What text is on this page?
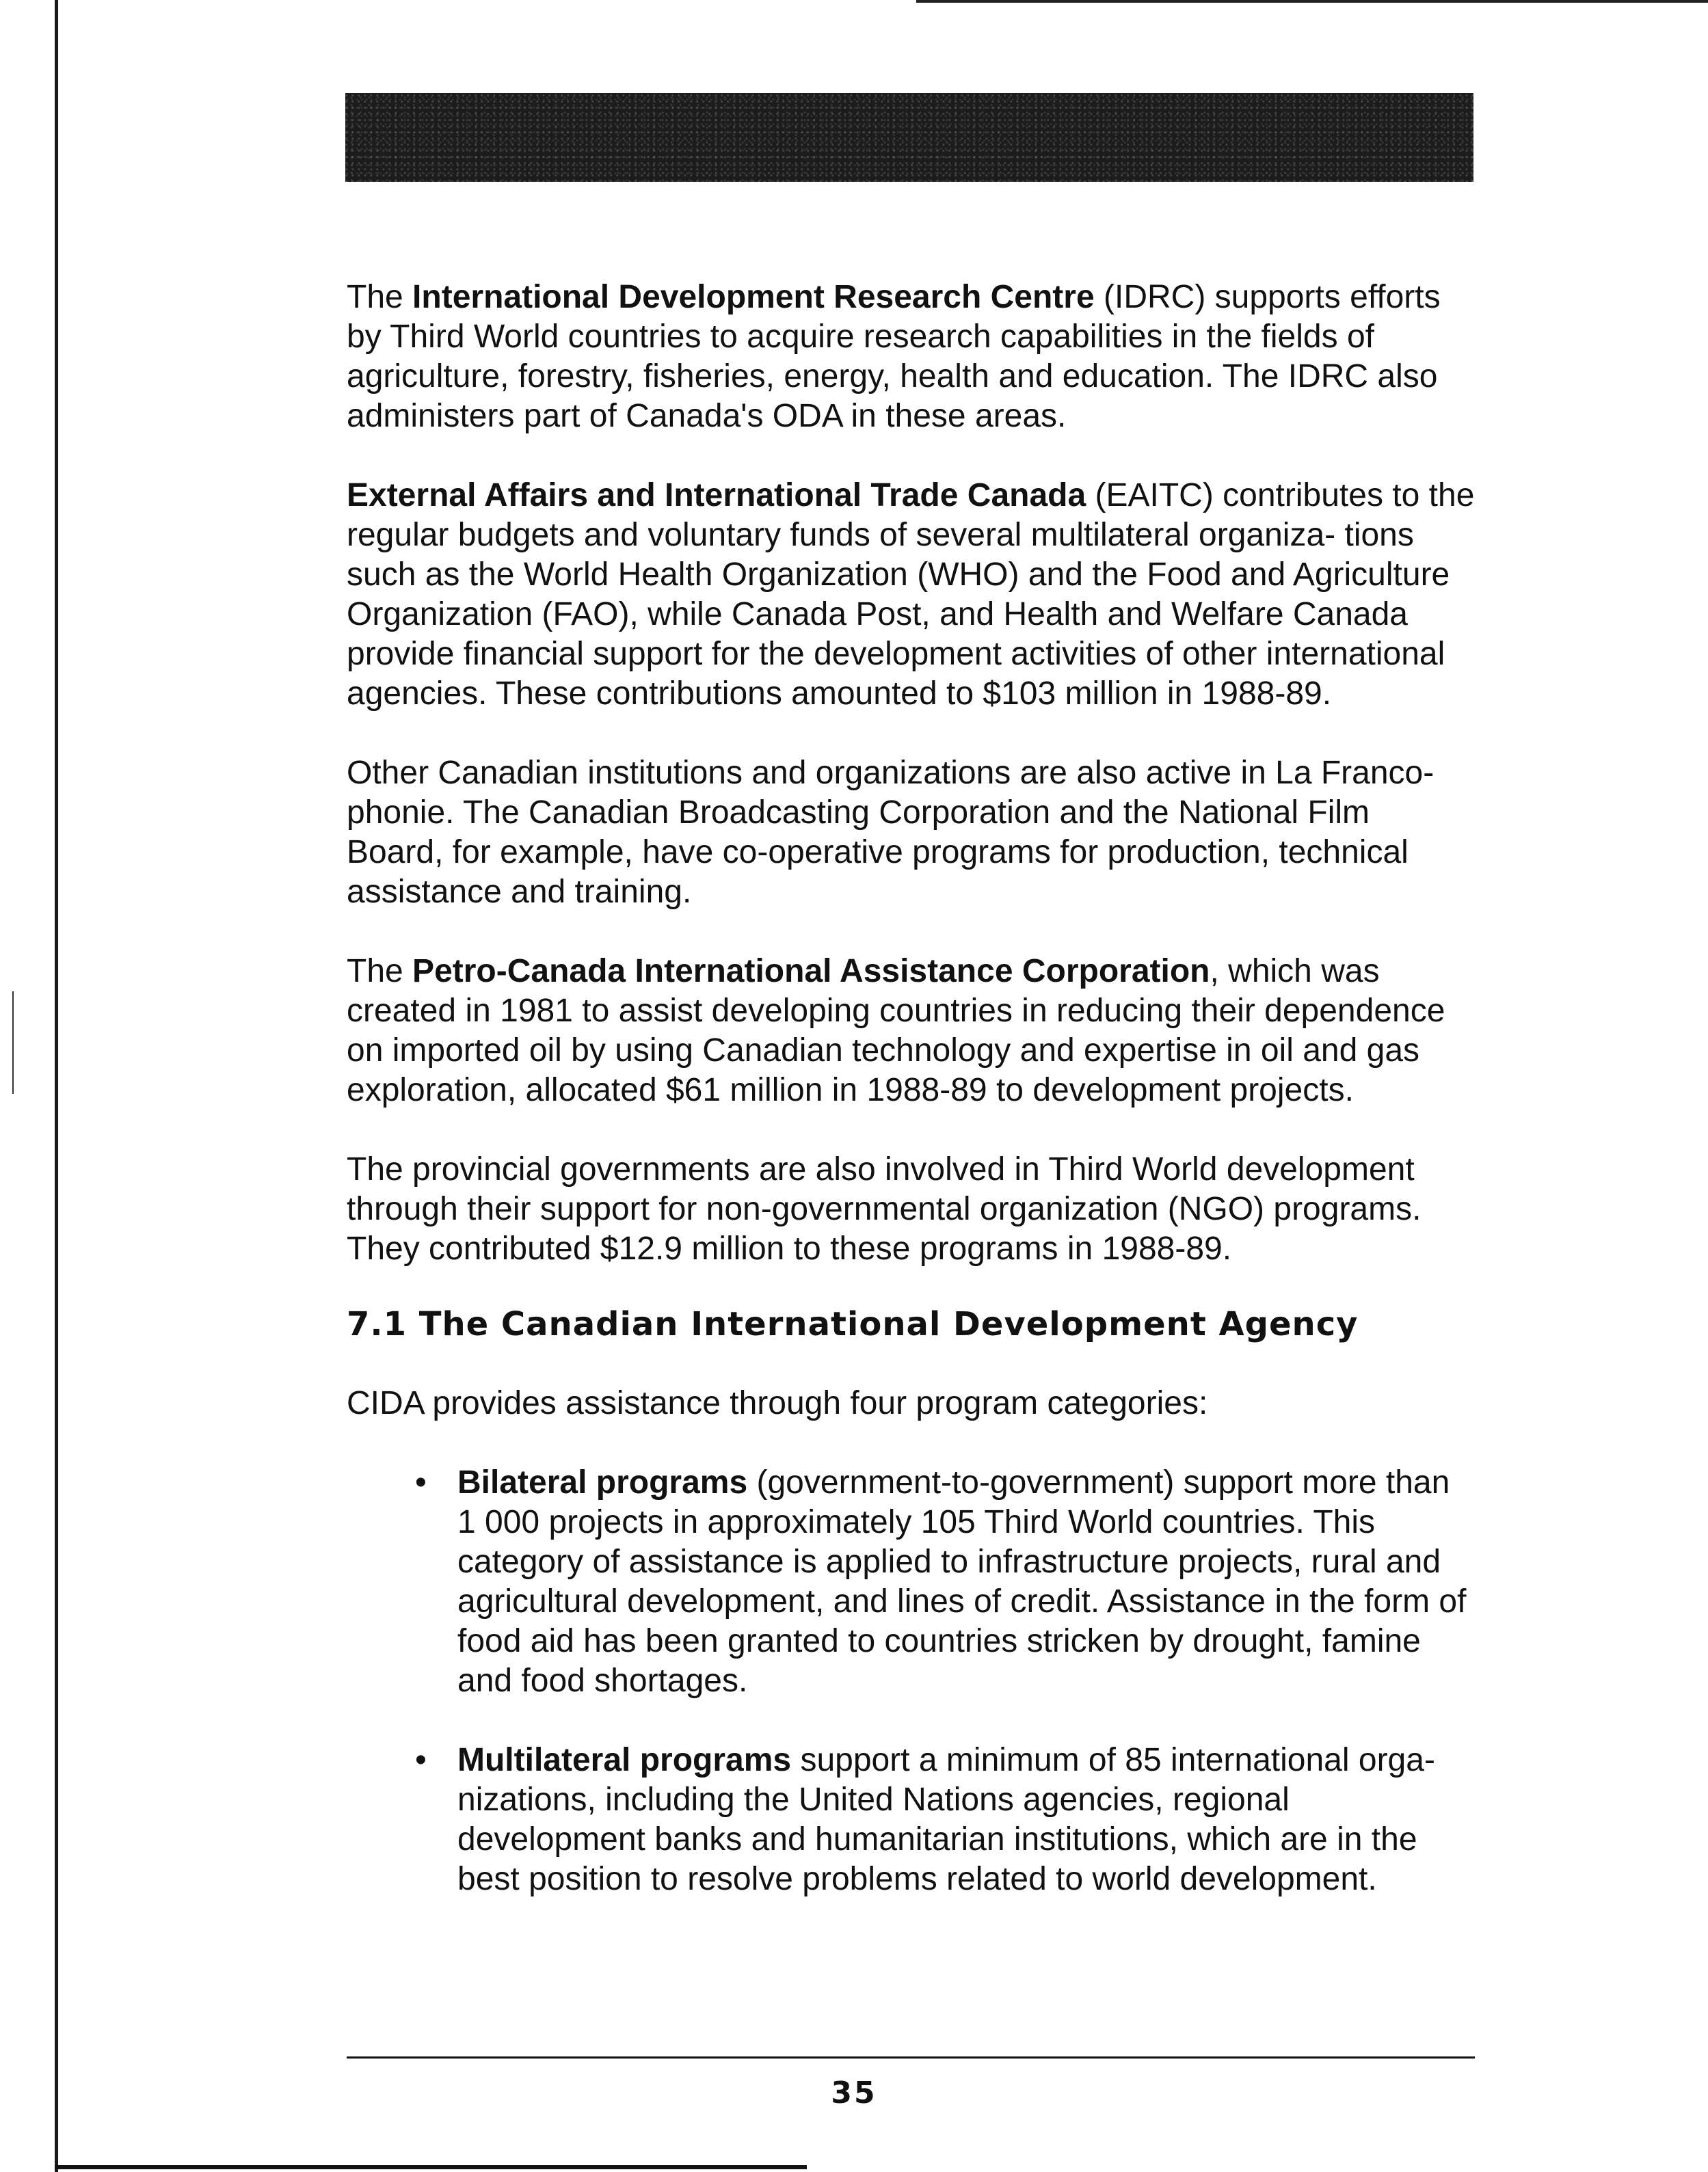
The International Development Research Centre (IDRC) supports efforts by Third World countries to acquire research capabilities in the fields of agriculture, forestry, fisheries, energy, health and education. The IDRC also administers part of Canada's ODA in these areas.

External Affairs and International Trade Canada (EAITC) contributes to the regular budgets and voluntary funds of several multilateral organiza- tions such as the World Health Organization (WHO) and the Food and Agriculture Organization (FAO), while Canada Post, and Health and Welfare Canada provide financial support for the development activities of other international agencies. These contributions amounted to $103 million in 1988-89.

Other Canadian institutions and organizations are also active in La Franco- phonie. The Canadian Broadcasting Corporation and the National Film Board, for example, have co-operative programs for production, technical assistance and training.

The Petro-Canada International Assistance Corporation, which was created in 1981 to assist developing countries in reducing their dependence on imported oil by using Canadian technology and expertise in oil and gas exploration, allocated $61 million in 1988-89 to development projects.

The provincial governments are also involved in Third World development through their support for non-governmental organization (NGO) programs. They contributed $12.9 million to these programs in 1988-89.

7.1 The Canadian International Development Agency

CIDA provides assistance through four program categories:

• Bilateral programs (government-to-government) support more than 1 000 projects in approximately 105 Third World countries. This category of assistance is applied to infrastructure projects, rural and agricultural development, and lines of credit. Assistance in the form of food aid has been granted to countries stricken by drought, famine and food shortages.
• Multilateral programs support a minimum of 85 international orga- nizations, including the United Nations agencies, regional development banks and humanitarian institutions, which are in the best position to resolve problems related to world development.
35
